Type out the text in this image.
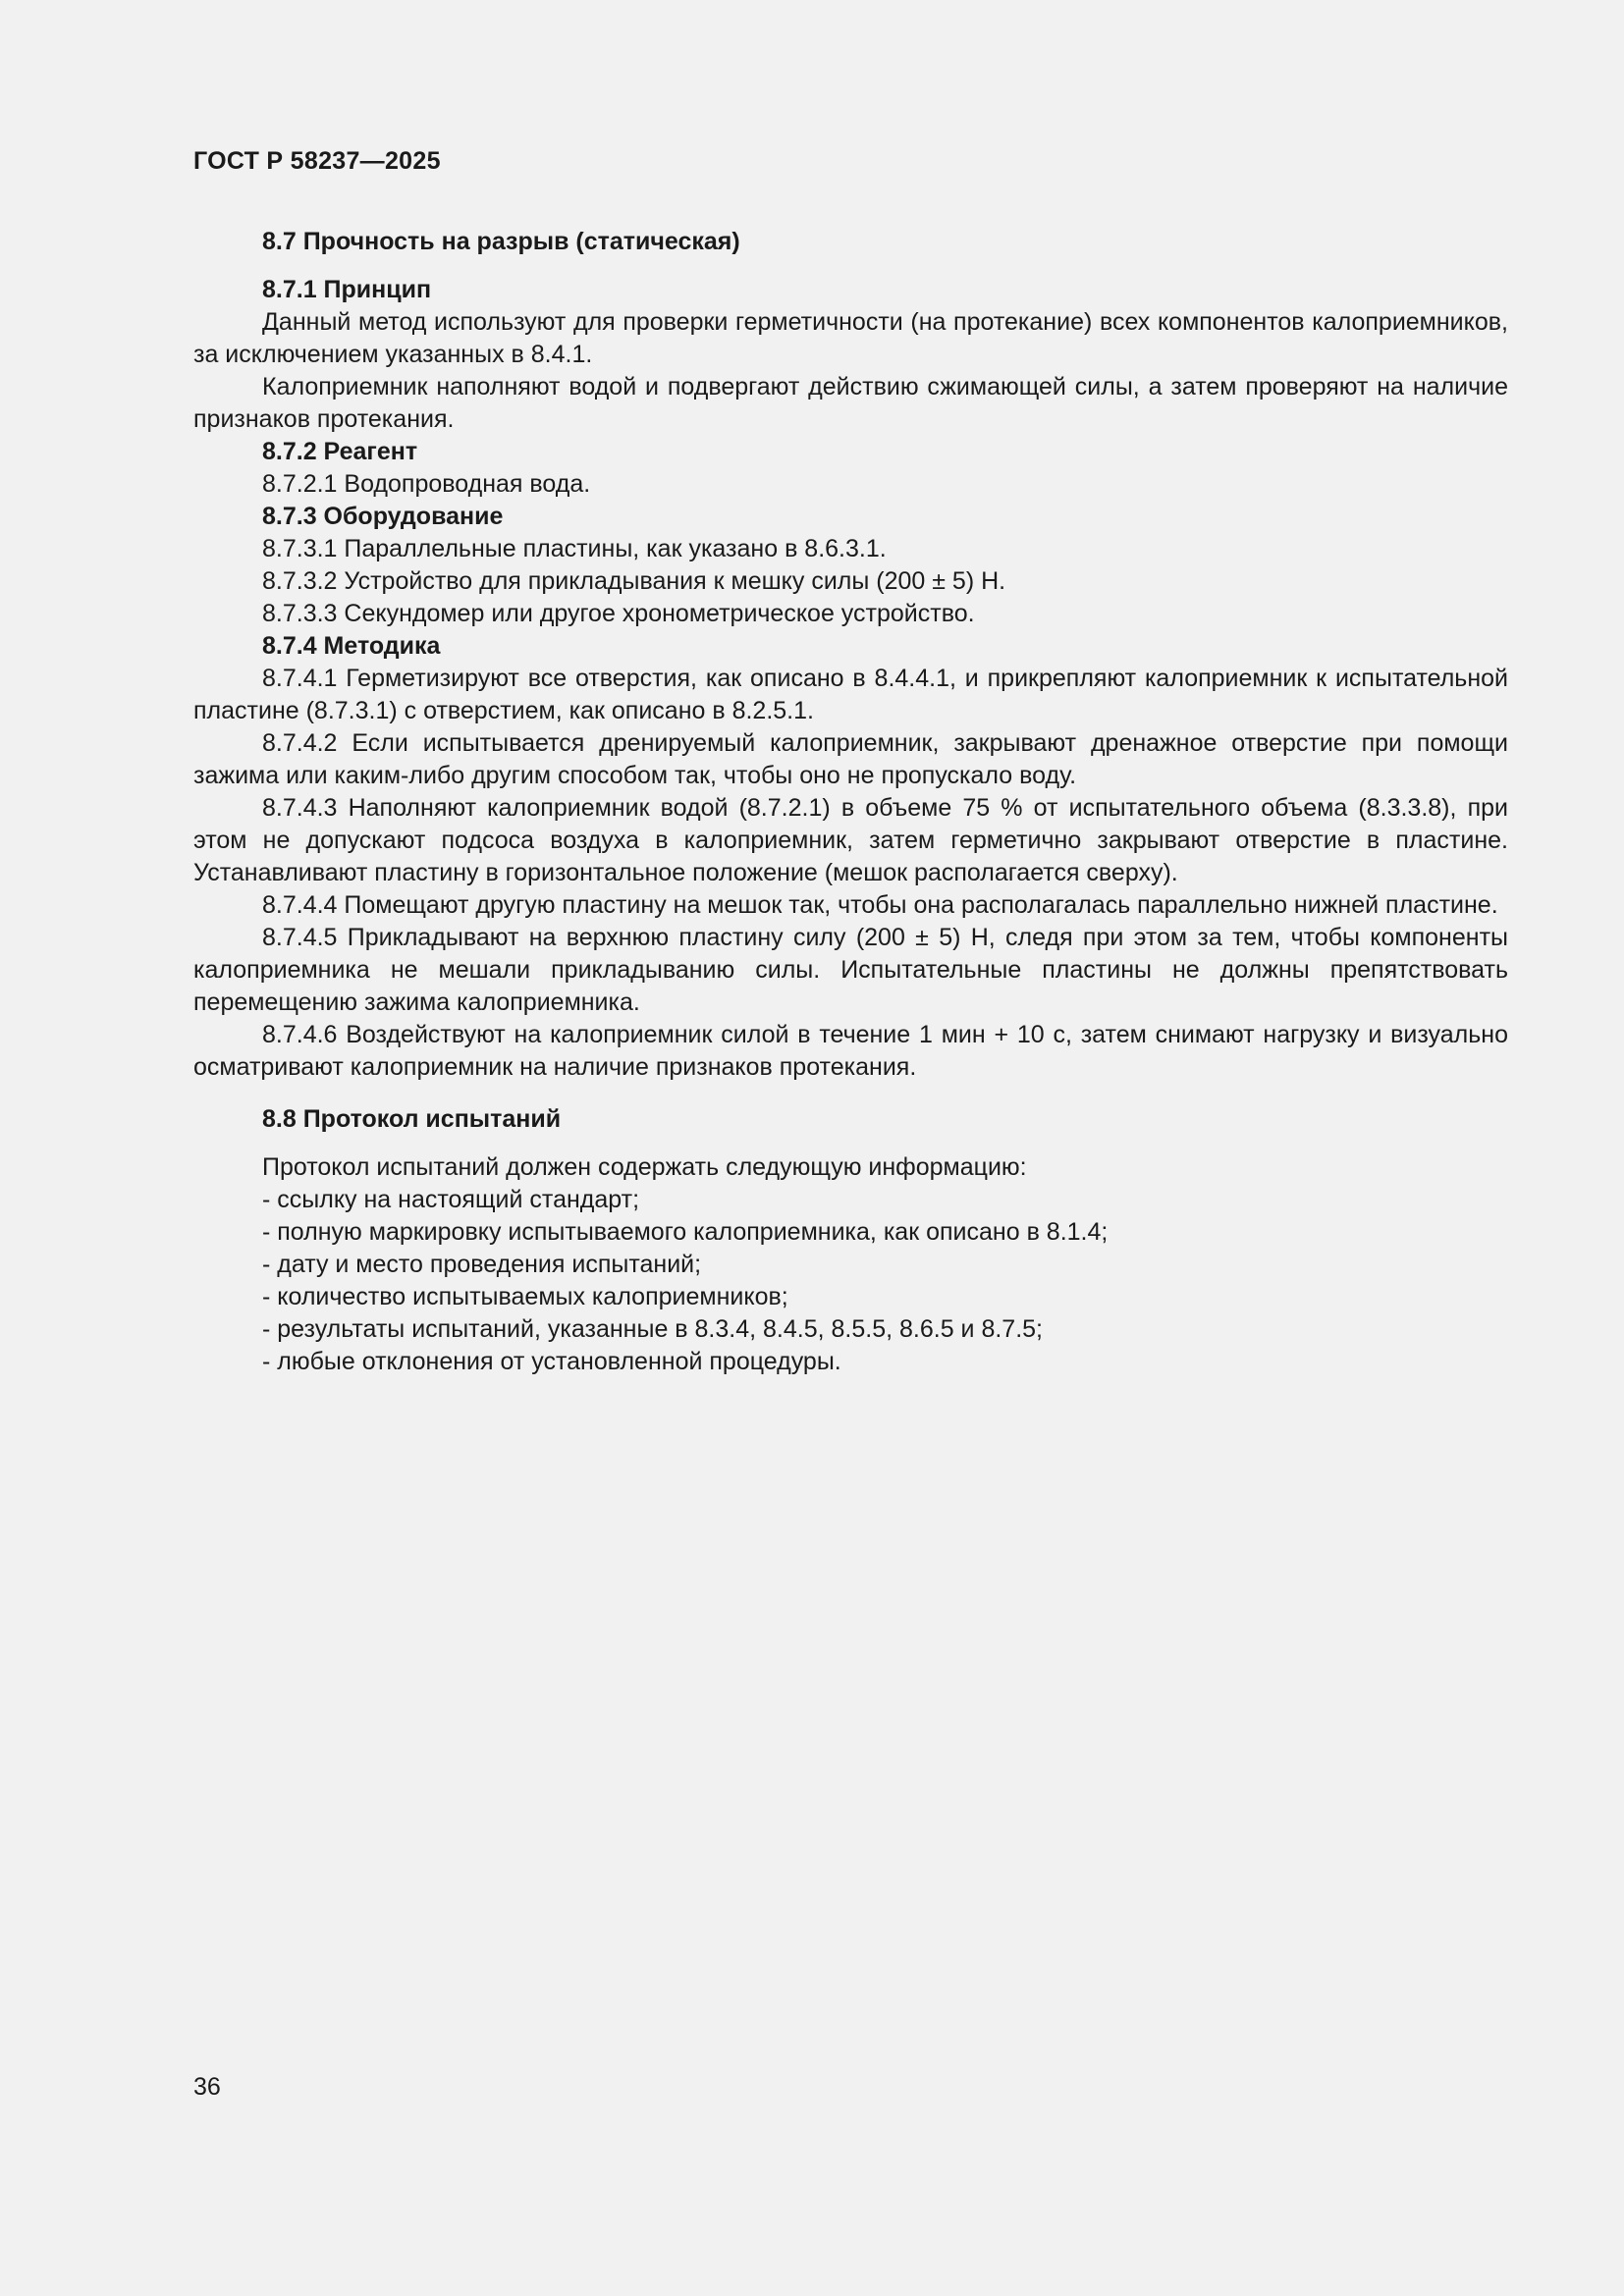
ГОСТ Р 58237—2025

8.7 Прочность на разрыв (статическая)

8.7.1 Принцип

Данный метод используют для проверки герметичности (на протекание) всех компонентов калоприемников, за исключением указанных в 8.4.1.

Калоприемник наполняют водой и подвергают действию сжимающей силы, а затем проверяют на наличие признаков протекания.

8.7.2 Реагент

8.7.2.1 Водопроводная вода.

8.7.3 Оборудование

8.7.3.1 Параллельные пластины, как указано в 8.6.3.1.

8.7.3.2 Устройство для прикладывания к мешку силы (200 ± 5) Н.

8.7.3.3 Секундомер или другое хронометрическое устройство.

8.7.4 Методика

8.7.4.1 Герметизируют все отверстия, как описано в 8.4.4.1, и прикрепляют калоприемник к испытательной пластине (8.7.3.1) с отверстием, как описано в 8.2.5.1.

8.7.4.2 Если испытывается дренируемый калоприемник, закрывают дренажное отверстие при помощи зажима или каким-либо другим способом так, чтобы оно не пропускало воду.

8.7.4.3 Наполняют калоприемник водой (8.7.2.1) в объеме 75 % от испытательного объема (8.3.3.8), при этом не допускают подсоса воздуха в калоприемник, затем герметично закрывают отверстие в пластине. Устанавливают пластину в горизонтальное положение (мешок располагается сверху).

8.7.4.4 Помещают другую пластину на мешок так, чтобы она располагалась параллельно нижней пластине.

8.7.4.5 Прикладывают на верхнюю пластину силу (200 ± 5) Н, следя при этом за тем, чтобы компоненты калоприемника не мешали прикладыванию силы. Испытательные пластины не должны препятствовать перемещению зажима калоприемника.

8.7.4.6 Воздействуют на калоприемник силой в течение 1 мин + 10 с, затем снимают нагрузку и визуально осматривают калоприемник на наличие признаков протекания.

8.8 Протокол испытаний

Протокол испытаний должен содержать следующую информацию:

- ссылку на настоящий стандарт;
- полную маркировку испытываемого калоприемника, как описано в 8.1.4;
- дату и место проведения испытаний;
- количество испытываемых калоприемников;
- результаты испытаний, указанные в 8.3.4, 8.4.5, 8.5.5, 8.6.5 и 8.7.5;
- любые отклонения от установленной процедуры.
36
